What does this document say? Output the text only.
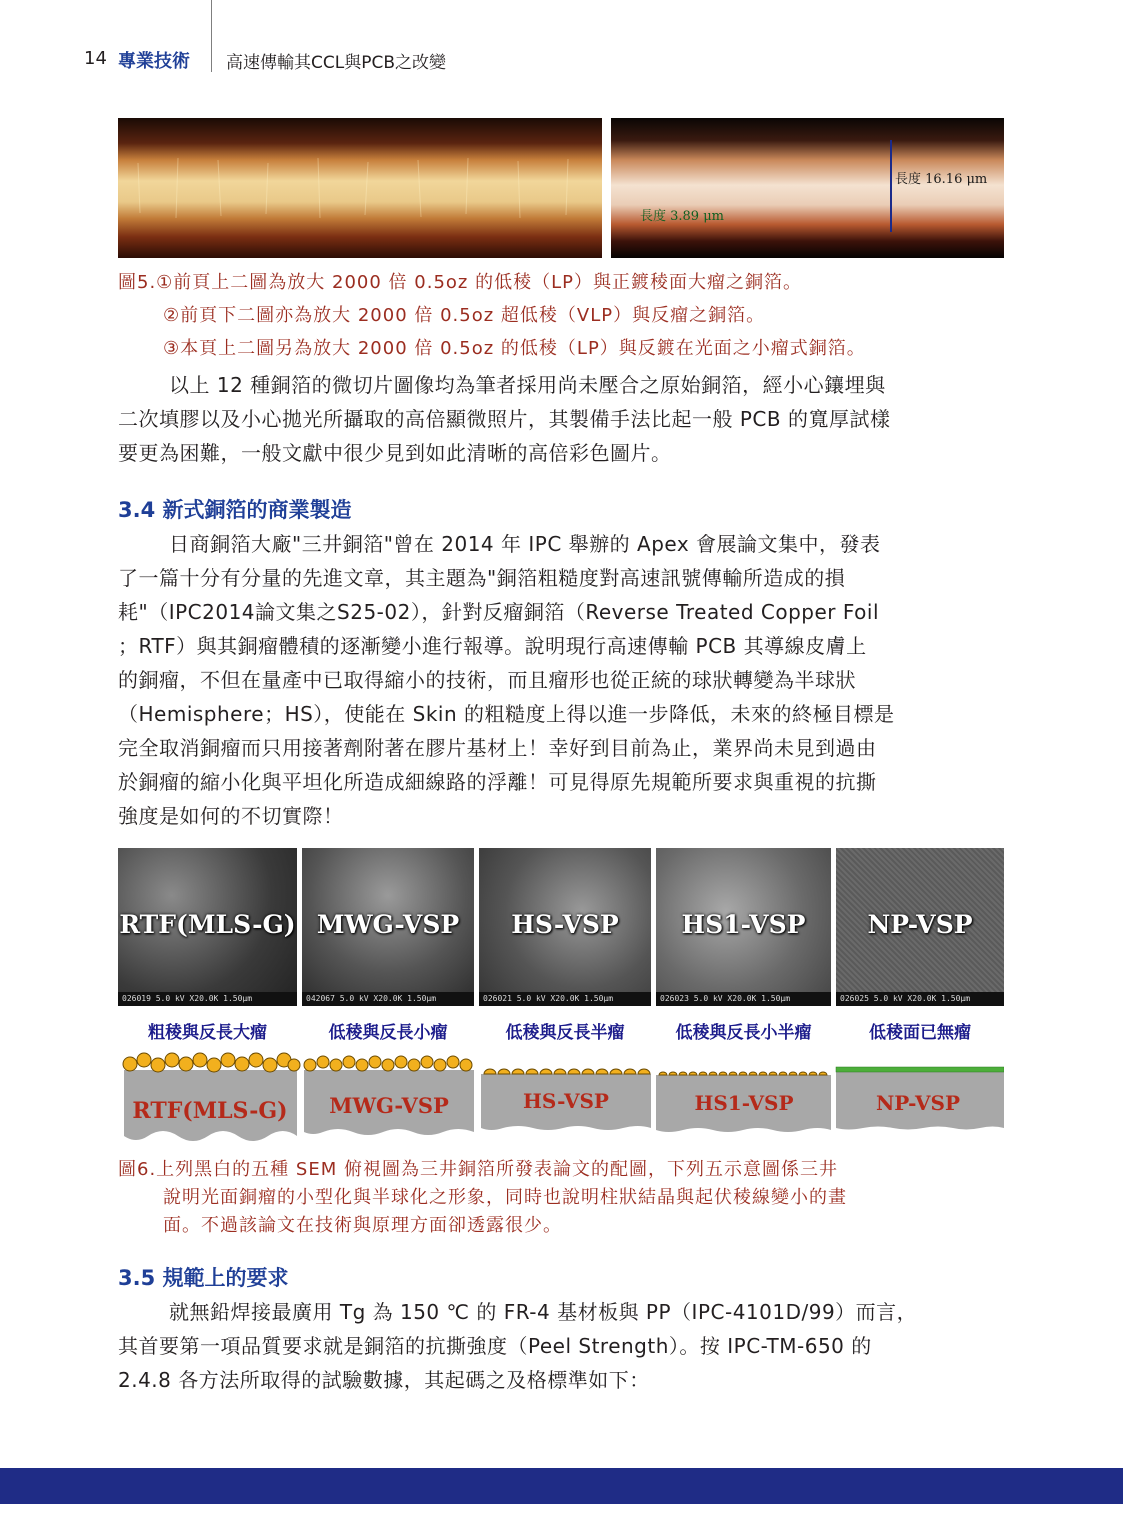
14 專業技術 高速傳輸其CCL與PCB之改變
長度 16.16 μm
長度 3.89 μm
圖5.①前頁上二圖為放大 2000 倍 0.5oz 的低稜（LP）與正鍍稜面大瘤之銅箔。
②前頁下二圖亦為放大 2000 倍 0.5oz 超低稜（VLP）與反瘤之銅箔。
③本頁上二圖另為放大 2000 倍 0.5oz 的低稜（LP）與反鍍在光面之小瘤式銅箔。
以上 12 種銅箔的微切片圖像均為筆者採用尚未壓合之原始銅箔，經小心鑲埋與
二次填膠以及小心拋光所攝取的高倍顯微照片，其製備手法比起一般 PCB 的寬厚試樣
要更為困難，一般文獻中很少見到如此清晰的高倍彩色圖片。
3.4 新式銅箔的商業製造
日商銅箔大廠"三井銅箔"曾在 2014 年 IPC 舉辦的 Apex 會展論文集中，發表
了一篇十分有分量的先進文章，其主題為"銅箔粗糙度對高速訊號傳輸所造成的損
耗"（IPC2014論文集之S25-02），針對反瘤銅箔（Reverse Treated Copper Foil
；RTF）與其銅瘤體積的逐漸變小進行報導。說明現行高速傳輸 PCB 其導線皮膚上
的銅瘤，不但在量產中已取得縮小的技術，而且瘤形也從正統的球狀轉變為半球狀
（Hemisphere；HS），使能在 Skin 的粗糙度上得以進一步降低，未來的終極目標是
完全取消銅瘤而只用接著劑附著在膠片基材上！幸好到目前為止，業界尚未見到過由
於銅瘤的縮小化與平坦化所造成細線路的浮離！可見得原先規範所要求與重視的抗撕
強度是如何的不切實際！
RTF(MLS-G)
026019 5.0 kV X20.0K 1.50μm
MWG-VSP
042067 5.0 kV X20.0K 1.50μm
HS-VSP
026021 5.0 kV X20.0K 1.50μm
HS1-VSP
026023 5.0 kV X20.0K 1.50μm
NP-VSP
026025 5.0 kV X20.0K 1.50μm
粗稜與反長大瘤	低稜與反長小瘤	低稜與反長半瘤	低稜與反長小半瘤	低稜面已無瘤
RTF(MLS-G) MWG-VSP	HS-VSP	HS1-VSP	NP-VSP
圖6.上列黑白的五種 SEM 俯視圖為三井銅箔所發表論文的配圖，下列五示意圖係三井
說明光面銅瘤的小型化與半球化之形象，同時也說明柱狀結晶與起伏稜線變小的畫
面。不過該論文在技術與原理方面卻透露很少。
3.5 規範上的要求
就無鉛焊接最廣用 Tg 為 150 ℃ 的 FR-4 基材板與 PP（IPC-4101D/99）而言，
其首要第一項品質要求就是銅箔的抗撕強度（Peel Strength）。按 IPC-TM-650 的
2.4.8 各方法所取得的試驗數據，其起碼之及格標準如下：
